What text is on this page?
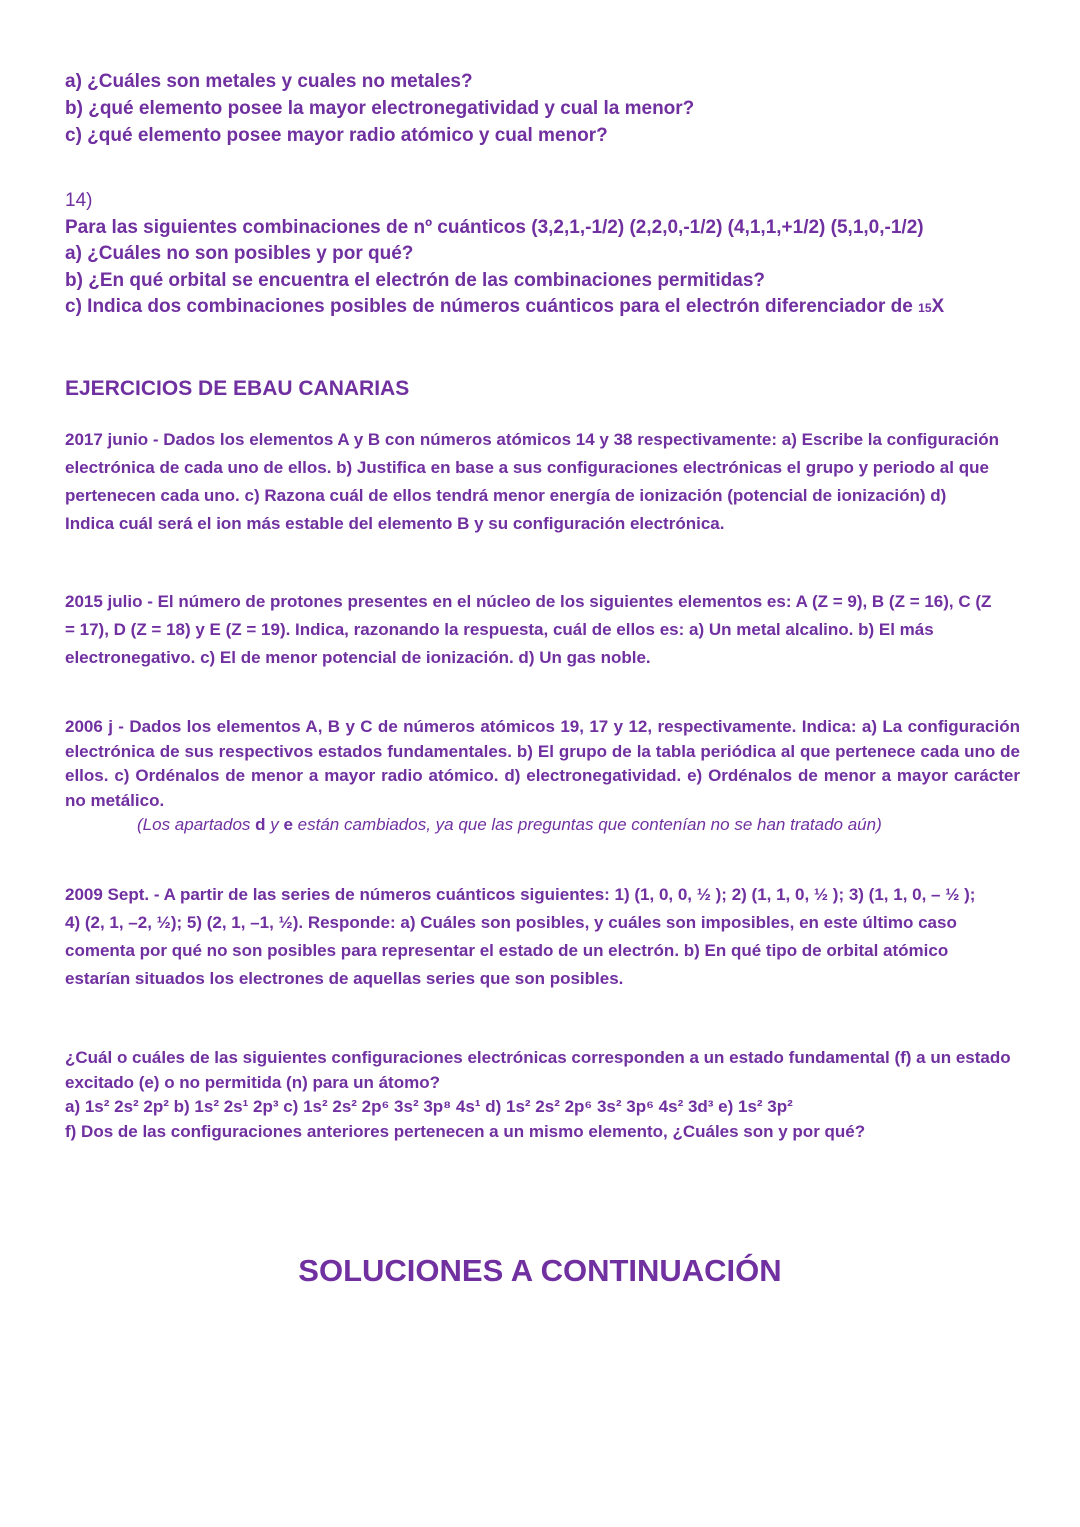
a) ¿Cuáles son metales y cuales no metales?
b) ¿qué elemento posee la mayor electronegatividad y cual la menor?
c) ¿qué elemento posee mayor radio atómico y cual menor?
14)
Para las siguientes combinaciones de nº cuánticos (3,2,1,-1/2) (2,2,0,-1/2) (4,1,1,+1/2) (5,1,0,-1/2)
a) ¿Cuáles no son posibles y por qué?
b) ¿En qué orbital se encuentra el electrón de las combinaciones permitidas?
c) Indica dos combinaciones posibles de números cuánticos para el electrón diferenciador de 15X
EJERCICIOS DE EBAU CANARIAS
2017 junio - Dados los elementos A y B con números atómicos 14 y 38 respectivamente: a) Escribe la configuración
electrónica de cada uno de ellos. b) Justifica en base a sus configuraciones electrónicas el grupo y periodo al que
pertenecen cada uno. c) Razona cuál de ellos tendrá menor energía de ionización (potencial de ionización) d)
Indica cuál será el ion más estable del elemento B y su configuración electrónica.
2015 julio - El número de protones presentes en el núcleo de los siguientes elementos es: A (Z = 9), B (Z = 16), C (Z
= 17), D (Z = 18) y E (Z = 19). Indica, razonando la respuesta, cuál de ellos es: a) Un metal alcalino. b) El más
electronegativo. c) El de menor potencial de ionización. d) Un gas noble.
2006 j - Dados los elementos A, B y C de números atómicos 19, 17 y 12, respectivamente. Indica: a) La configuración electrónica de sus respectivos estados fundamentales. b) El grupo de la tabla periódica al que pertenece cada uno de ellos. c) Ordénalos de menor a mayor radio atómico. d) electronegatividad. e) Ordénalos de menor a mayor carácter no metálico.
(Los apartados d y e están cambiados, ya que las preguntas que contenían no se han tratado aún)
2009 Sept. - A partir de las series de números cuánticos siguientes: 1) (1, 0, 0, ½ ); 2) (1, 1, 0, ½ ); 3) (1, 1, 0, – ½ );
4) (2, 1, –2, ½); 5) (2, 1, –1, ½). Responde: a) Cuáles son posibles, y cuáles son imposibles, en este último caso
comenta por qué no son posibles para representar el estado de un electrón. b) En qué tipo de orbital atómico
estarían situados los electrones de aquellas series que son posibles.
¿Cuál o cuáles de las siguientes configuraciones electrónicas corresponden a un estado fundamental (f) a un estado
excitado (e) o no permitida (n) para un átomo?
a) 1s² 2s² 2p² b) 1s² 2s¹ 2p³ c) 1s² 2s² 2p⁶ 3s² 3p⁸ 4s¹ d) 1s² 2s² 2p⁶ 3s² 3p⁶ 4s² 3d³ e) 1s² 3p²
f) Dos de las configuraciones anteriores pertenecen a un mismo elemento, ¿Cuáles son y por qué?
SOLUCIONES A CONTINUACIÓN
